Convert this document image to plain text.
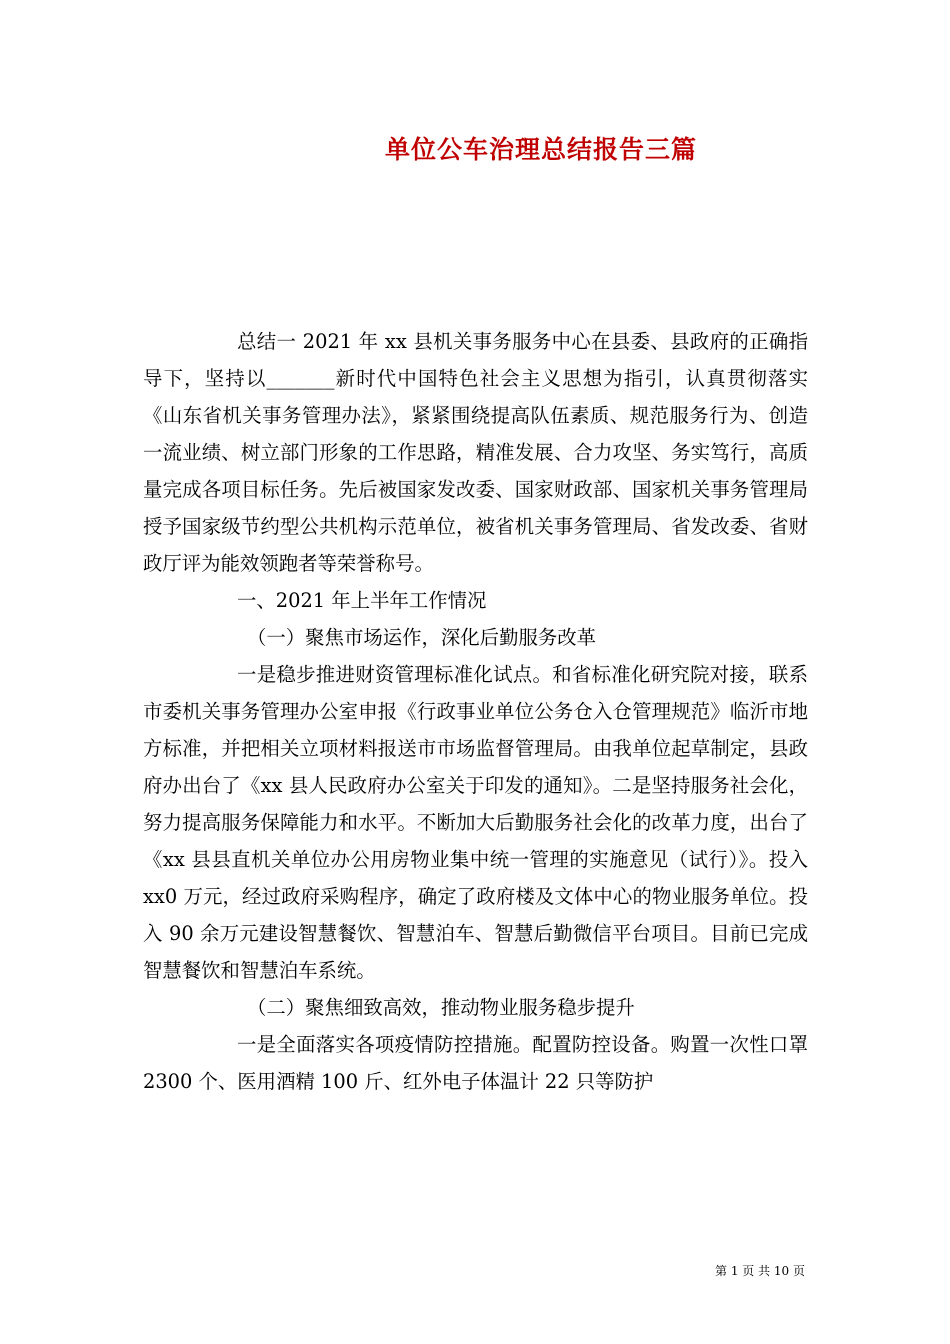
单位公车治理总结报告三篇

总结一 2021 年 xx 县机关事务服务中心在县委、县政府的正确指导下，坚持以_______新时代中国特色社会主义思想为指引，认真贯彻落实《山东省机关事务管理办法》，紧紧围绕提高队伍素质、规范服务行为、创造一流业绩、树立部门形象的工作思路，精准发展、合力攻坚、务实笃行，高质量完成各项目标任务。先后被国家发改委、国家财政部、国家机关事务管理局授予国家级节约型公共机构示范单位，被省机关事务管理局、省发改委、省财政厅评为能效领跑者等荣誉称号。

一、2021 年上半年工作情况

（一）聚焦市场运作，深化后勤服务改革

一是稳步推进财资管理标准化试点。和省标准化研究院对接，联系市委机关事务管理办公室申报《行政事业单位公务仓入仓管理规范》临沂市地方标准，并把相关立项材料报送市市场监督管理局。由我单位起草制定，县政府办出台了《xx 县人民政府办公室关于印发的通知》。二是坚持服务社会化，努力提高服务保障能力和水平。不断加大后勤服务社会化的改革力度，出台了《xx 县县直机关单位办公用房物业集中统一管理的实施意见（试行）》。投入 xx0 万元，经过政府采购程序，确定了政府楼及文体中心的物业服务单位。投入 90 余万元建设智慧餐饮、智慧泊车、智慧后勤微信平台项目。目前已完成智慧餐饮和智慧泊车系统。

（二）聚焦细致高效，推动物业服务稳步提升

一是全面落实各项疫情防控措施。配置防控设备。购置一次性口罩 2300 个、医用酒精 100 斤、红外电子体温计 22 只等防护

第 1 页 共 10 页
